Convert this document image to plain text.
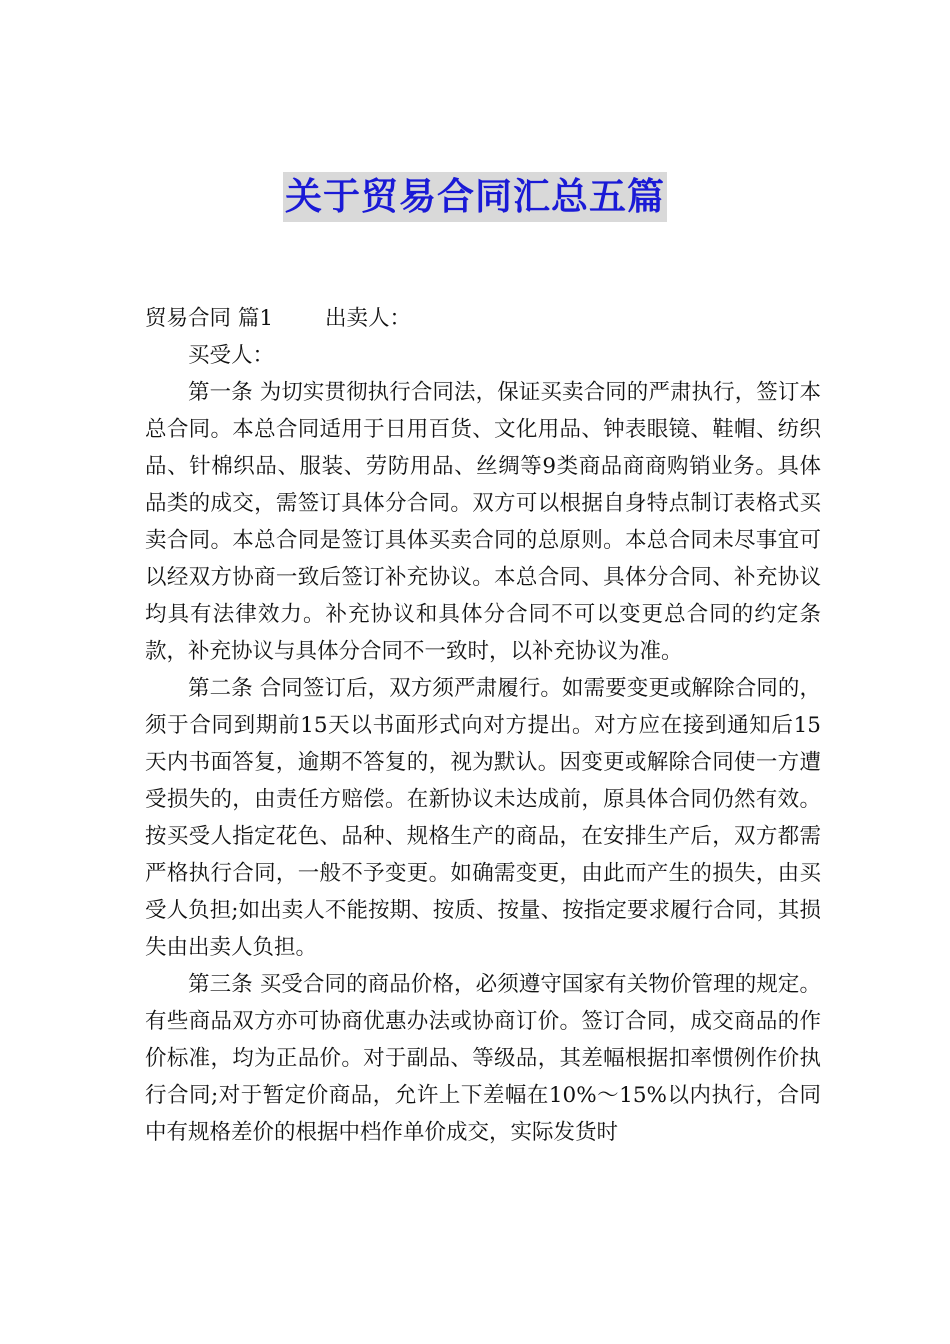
关于贸易合同汇总五篇

贸易合同 篇1 出卖人：

买受人：

第一条 为切实贯彻执行合同法，保证买卖合同的严肃执行，签订本总合同。本总合同适用于日用百货、文化用品、钟表眼镜、鞋帽、纺织品、针棉织品、服装、劳防用品、丝绸等9类商品商商购销业务。具体品类的成交，需签订具体分合同。双方可以根据自身特点制订表格式买卖合同。本总合同是签订具体买卖合同的总原则。本总合同未尽事宜可以经双方协商一致后签订补充协议。本总合同、具体分合同、补充协议均具有法律效力。补充协议和具体分合同不可以变更总合同的约定条款，补充协议与具体分合同不一致时，以补充协议为准。

第二条 合同签订后，双方须严肃履行。如需要变更或解除合同的，须于合同到期前15天以书面形式向对方提出。对方应在接到通知后15天内书面答复，逾期不答复的，视为默认。因变更或解除合同使一方遭受损失的，由责任方赔偿。在新协议未达成前，原具体合同仍然有效。按买受人指定花色、品种、规格生产的商品，在安排生产后，双方都需严格执行合同，一般不予变更。如确需变更，由此而产生的损失，由买受人负担;如出卖人不能按期、按质、按量、按指定要求履行合同，其损失由出卖人负担。

第三条 买受合同的商品价格，必须遵守国家有关物价管理的规定。有些商品双方亦可协商优惠办法或协商订价。签订合同，成交商品的作价标准，均为正品价。对于副品、等级品，其差幅根据扣率惯例作价执行合同;对于暂定价商品，允许上下差幅在10%～15%以内执行，合同中有规格差价的根据中档作单价成交，实际发货时
